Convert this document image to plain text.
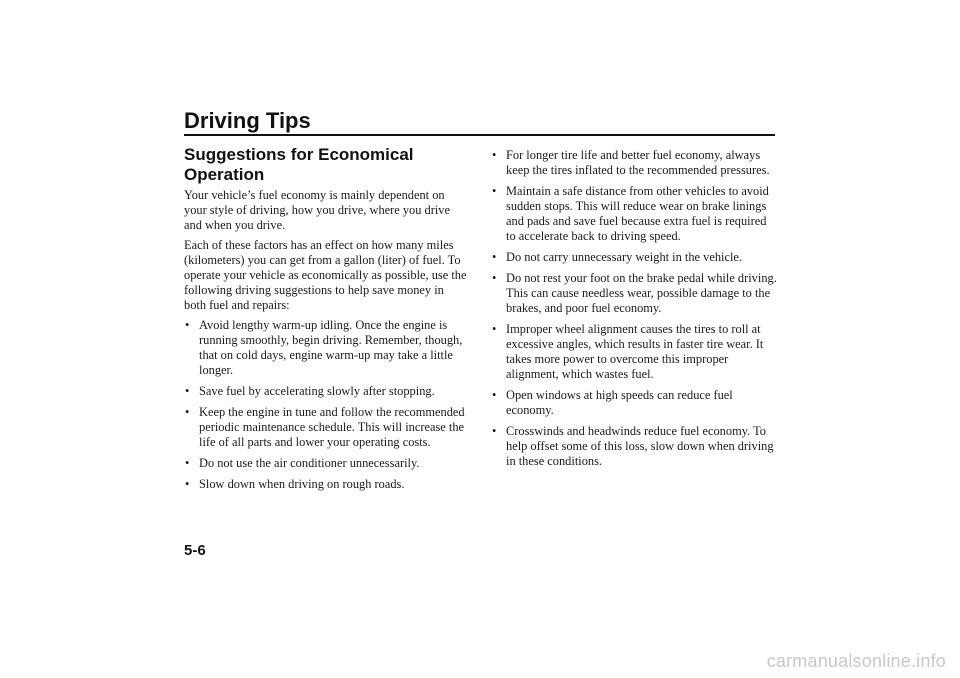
Driving Tips
Suggestions for Economical Operation

Your vehicle’s fuel economy is mainly dependent on your style of driving, how you drive, where you drive and when you drive.

Each of these factors has an effect on how many miles (kilometers) you can get from a gallon (liter) of fuel. To operate your vehicle as economically as possible, use the following driving suggestions to help save money in both fuel and repairs:

• Avoid lengthy warm-up idling. Once the engine is running smoothly, begin driving. Remember, though, that on cold days, engine warm-up may take a little longer.
• Save fuel by accelerating slowly after stopping.
• Keep the engine in tune and follow the recommended periodic maintenance schedule. This will increase the life of all parts and lower your operating costs.
• Do not use the air conditioner unnecessarily.
• Slow down when driving on rough roads.
• For longer tire life and better fuel economy, always keep the tires inflated to the recommended pressures.
• Maintain a safe distance from other vehicles to avoid sudden stops. This will reduce wear on brake linings and pads and save fuel because extra fuel is required to accelerate back to driving speed.
• Do not carry unnecessary weight in the vehicle.
• Do not rest your foot on the brake pedal while driving. This can cause needless wear, possible damage to the brakes, and poor fuel economy.
• Improper wheel alignment causes the tires to roll at excessive angles, which results in faster tire wear. It takes more power to overcome this improper alignment, which wastes fuel.
• Open windows at high speeds can reduce fuel economy.
• Crosswinds and headwinds reduce fuel economy. To help offset some of this loss, slow down when driving in these conditions.
5-6
carmanualsonline.info
